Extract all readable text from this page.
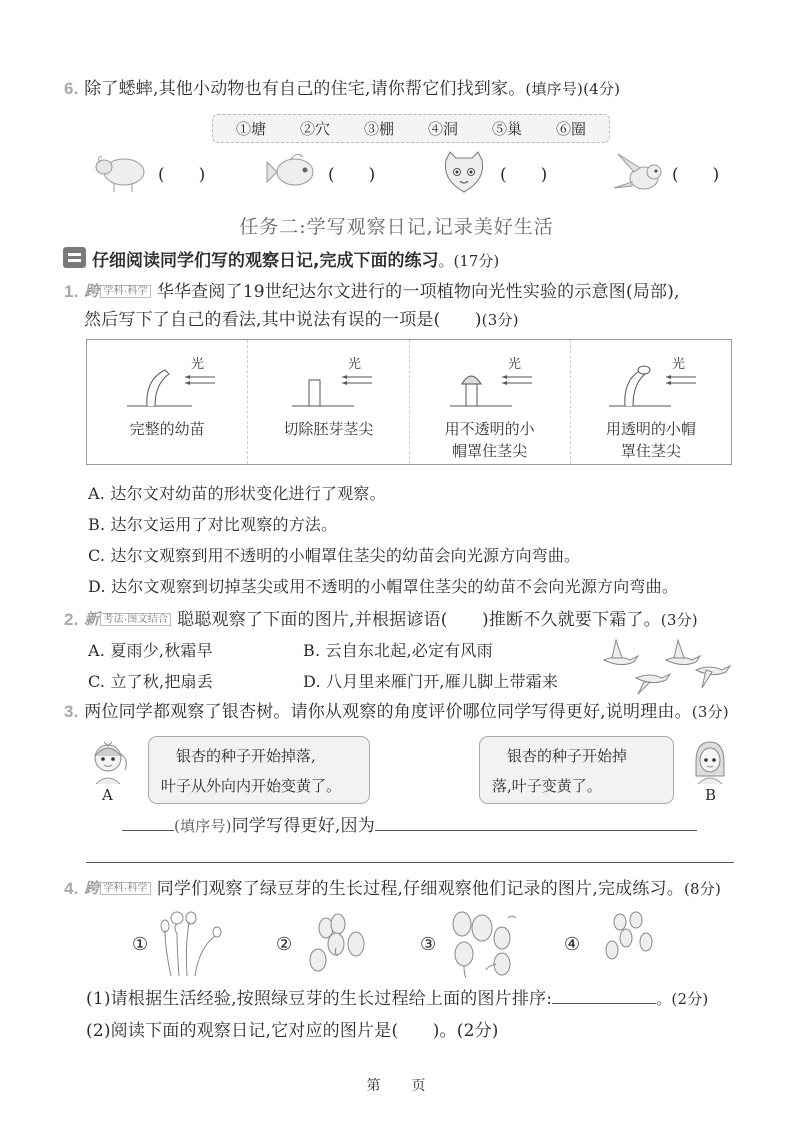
6. 除了蟋蟀,其他小动物也有自己的住宅,请你帮它们找到家。(填序号)(4分)
①塘 ②穴 ③棚 ④洞 ⑤巢 ⑥圈
(　　)	(　　)	(　　)	(　　)
任务二:学写观察日记,记录美好生活
仔细阅读同学们写的观察日记,完成下面的练习。(17分)
1. 跨 学科·科学 华华查阅了19世纪达尔文进行的一项植物向光性实验的示意图(局部),
然后写下了自己的看法,其中说法有误的一项是(　　)(3分)
光
完整的幼苗
光
切除胚芽茎尖
光
用不透明的小
帽罩住茎尖
光
用透明的小帽
罩住茎尖
A. 达尔文对幼苗的形状变化进行了观察。
B. 达尔文运用了对比观察的方法。
C. 达尔文观察到用不透明的小帽罩住茎尖的幼苗会向光源方向弯曲。
D. 达尔文观察到切掉茎尖或用不透明的小帽罩住茎尖的幼苗不会向光源方向弯曲。
2. 新 考法·图文结合 聪聪观察了下面的图片,并根据谚语(　　)推断不久就要下霜了。(3分)
A. 夏雨少,秋霜早	B. 云自东北起,必定有风雨
C. 立了秋,把扇丢	D. 八月里来雁门开,雁儿脚上带霜来
3. 两位同学都观察了银杏树。请你从观察的角度评价哪位同学写得更好,说明理由。(3分)
A
　银杏的种子开始掉落,
叶子从外向内开始变黄了。
　银杏的种子开始掉
落,叶子变黄了。	B
(填序号)同学写得更好,因为
4. 跨 学科·科学 同学们观察了绿豆芽的生长过程,仔细观察他们记录的图片,完成练习。(8分)
①	②	③	④
(1)请根据生活经验,按照绿豆芽的生长过程给上面的图片排序:	。(2分)
(2)阅读下面的观察日记,它对应的图片是(　　)。(2分)
第　　页
